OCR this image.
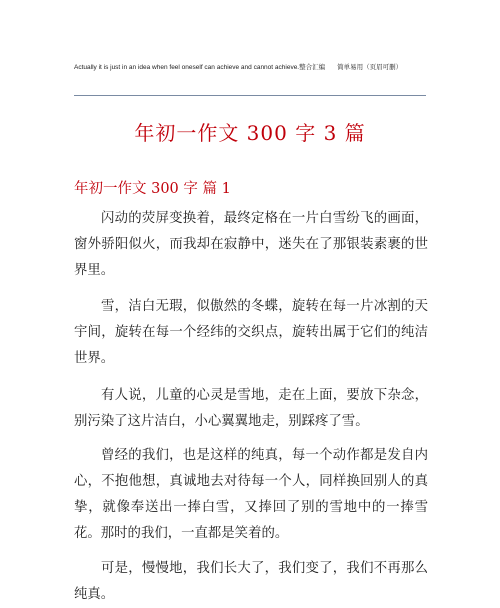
Actually it is just in an idea when feel oneself can achieve and cannot achieve.整合汇编 简单易用（页眉可删）
年初一作文 300 字 3 篇
年初一作文 300 字 篇 1

闪动的荧屏变换着，最终定格在一片白雪纷飞的画面，窗外骄阳似火，而我却在寂静中，迷失在了那银装素裹的世界里。

雪，洁白无瑕，似傲然的冬蝶，旋转在每一片冰割的天宇间，旋转在每一个经纬的交织点，旋转出属于它们的纯洁世界。

有人说，儿童的心灵是雪地，走在上面，要放下杂念，别污染了这片洁白，小心翼翼地走，别踩疼了雪。

曾经的我们，也是这样的纯真，每一个动作都是发自内心，不抱他想，真诚地去对待每一个人，同样换回别人的真挚，就像奉送出一捧白雪，又捧回了别的雪地中的一捧雪花。那时的我们，一直都是笑着的。

可是，慢慢地，我们长大了，我们变了，我们不再那么纯真。
